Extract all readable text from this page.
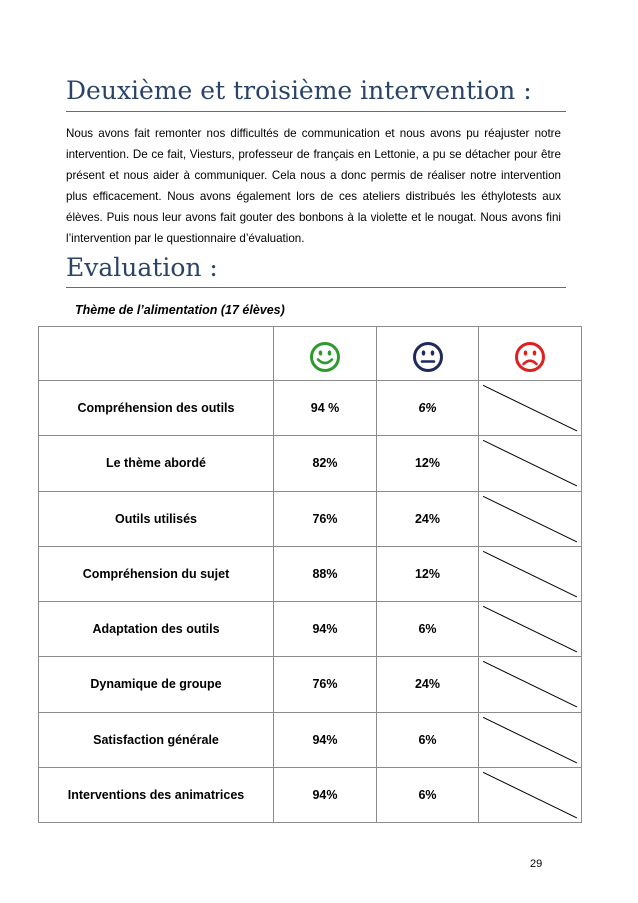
Deuxième et troisième intervention :

Nous avons fait remonter nos difficultés de communication et nous avons pu réajuster notre intervention. De ce fait, Viesturs, professeur de français en Lettonie, a pu se détacher pour être présent et nous aider à communiquer. Cela nous a donc permis de réaliser notre intervention plus efficacement. Nous avons également lors de ces ateliers distribués les éthylotests aux élèves. Puis nous leur avons fait gouter des bonbons à la violette et le nougat. Nous avons fini l’intervention par le questionnaire d’évaluation.

Evaluation :
Thème de l’alimentation (17 élèves)

Compréhension des outils	94 %	6%	

Le thème abordé	82%	12%	

Outils utilisés	76%	24%	

Compréhension du sujet	88%	12%	

Adaptation des outils	94%	6%	

Dynamique de groupe	76%	24%	

Satisfaction générale	94%	6%	

Interventions des animatrices	94%	6%	
29
